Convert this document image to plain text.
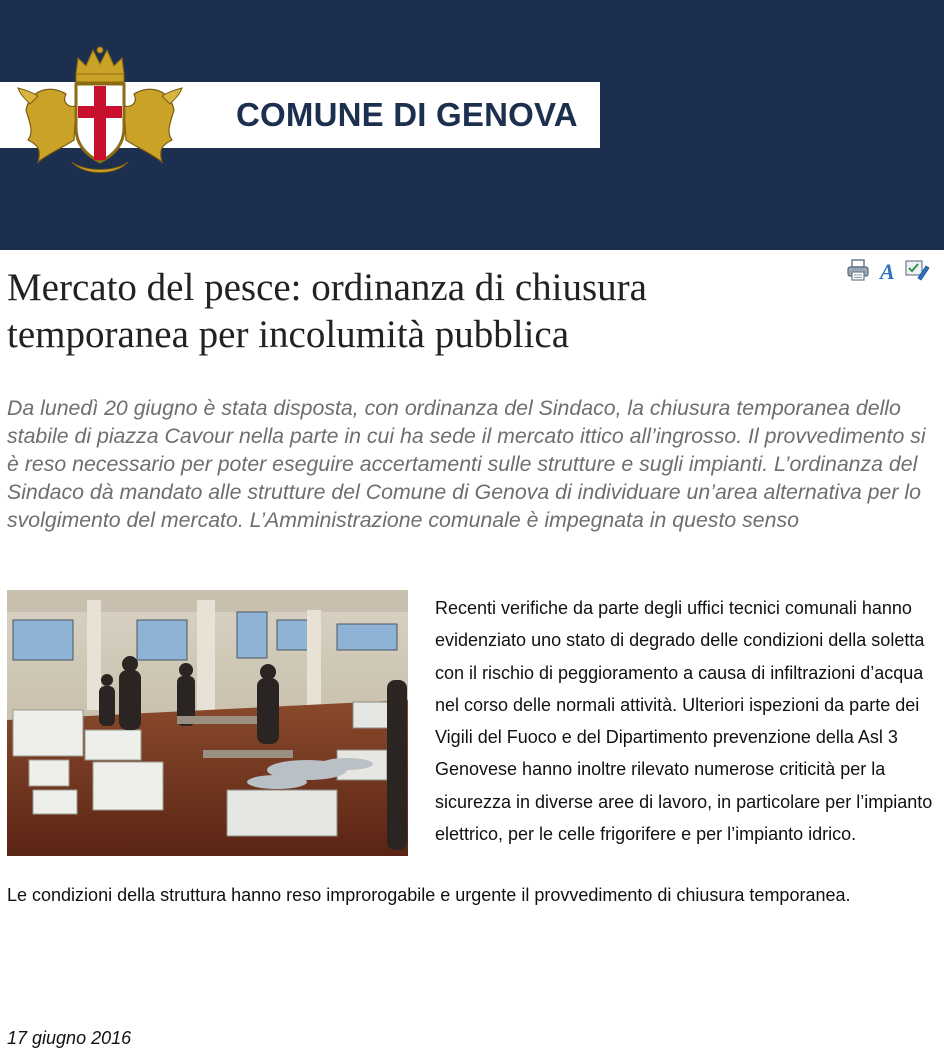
COMUNE DI GENOVA
A
Mercato del pesce: ordinanza di chiusura temporanea per incolumità pubblica

Da lunedì 20 giugno è stata disposta, con ordinanza del Sindaco, la chiusura temporanea dello stabile di piazza Cavour nella parte in cui ha sede il mercato ittico all’ingrosso. Il provvedimento si è reso necessario per poter eseguire accertamenti sulle strutture e sugli impianti. L’ordinanza del Sindaco dà mandato alle strutture del Comune di Genova di individuare un’area alternativa per lo svolgimento del mercato. L’Amministrazione comunale è impegnata in questo senso

Recenti verifiche da parte degli uffici tecnici comunali hanno evidenziato uno stato di degrado delle condizioni della soletta con il rischio di peggioramento a causa di infiltrazioni d’acqua nel corso delle normali attività. Ulteriori ispezioni da parte dei Vigili del Fuoco e del Dipartimento prevenzione della Asl 3 Genovese hanno inoltre rilevato numerose criticità per la sicurezza in diverse aree di lavoro, in particolare per l’impianto elettrico, per le celle frigorifere e per l’impianto idrico.

Le condizioni della struttura hanno reso improrogabile e urgente il provvedimento di chiusura temporanea.

17 giugno 2016
